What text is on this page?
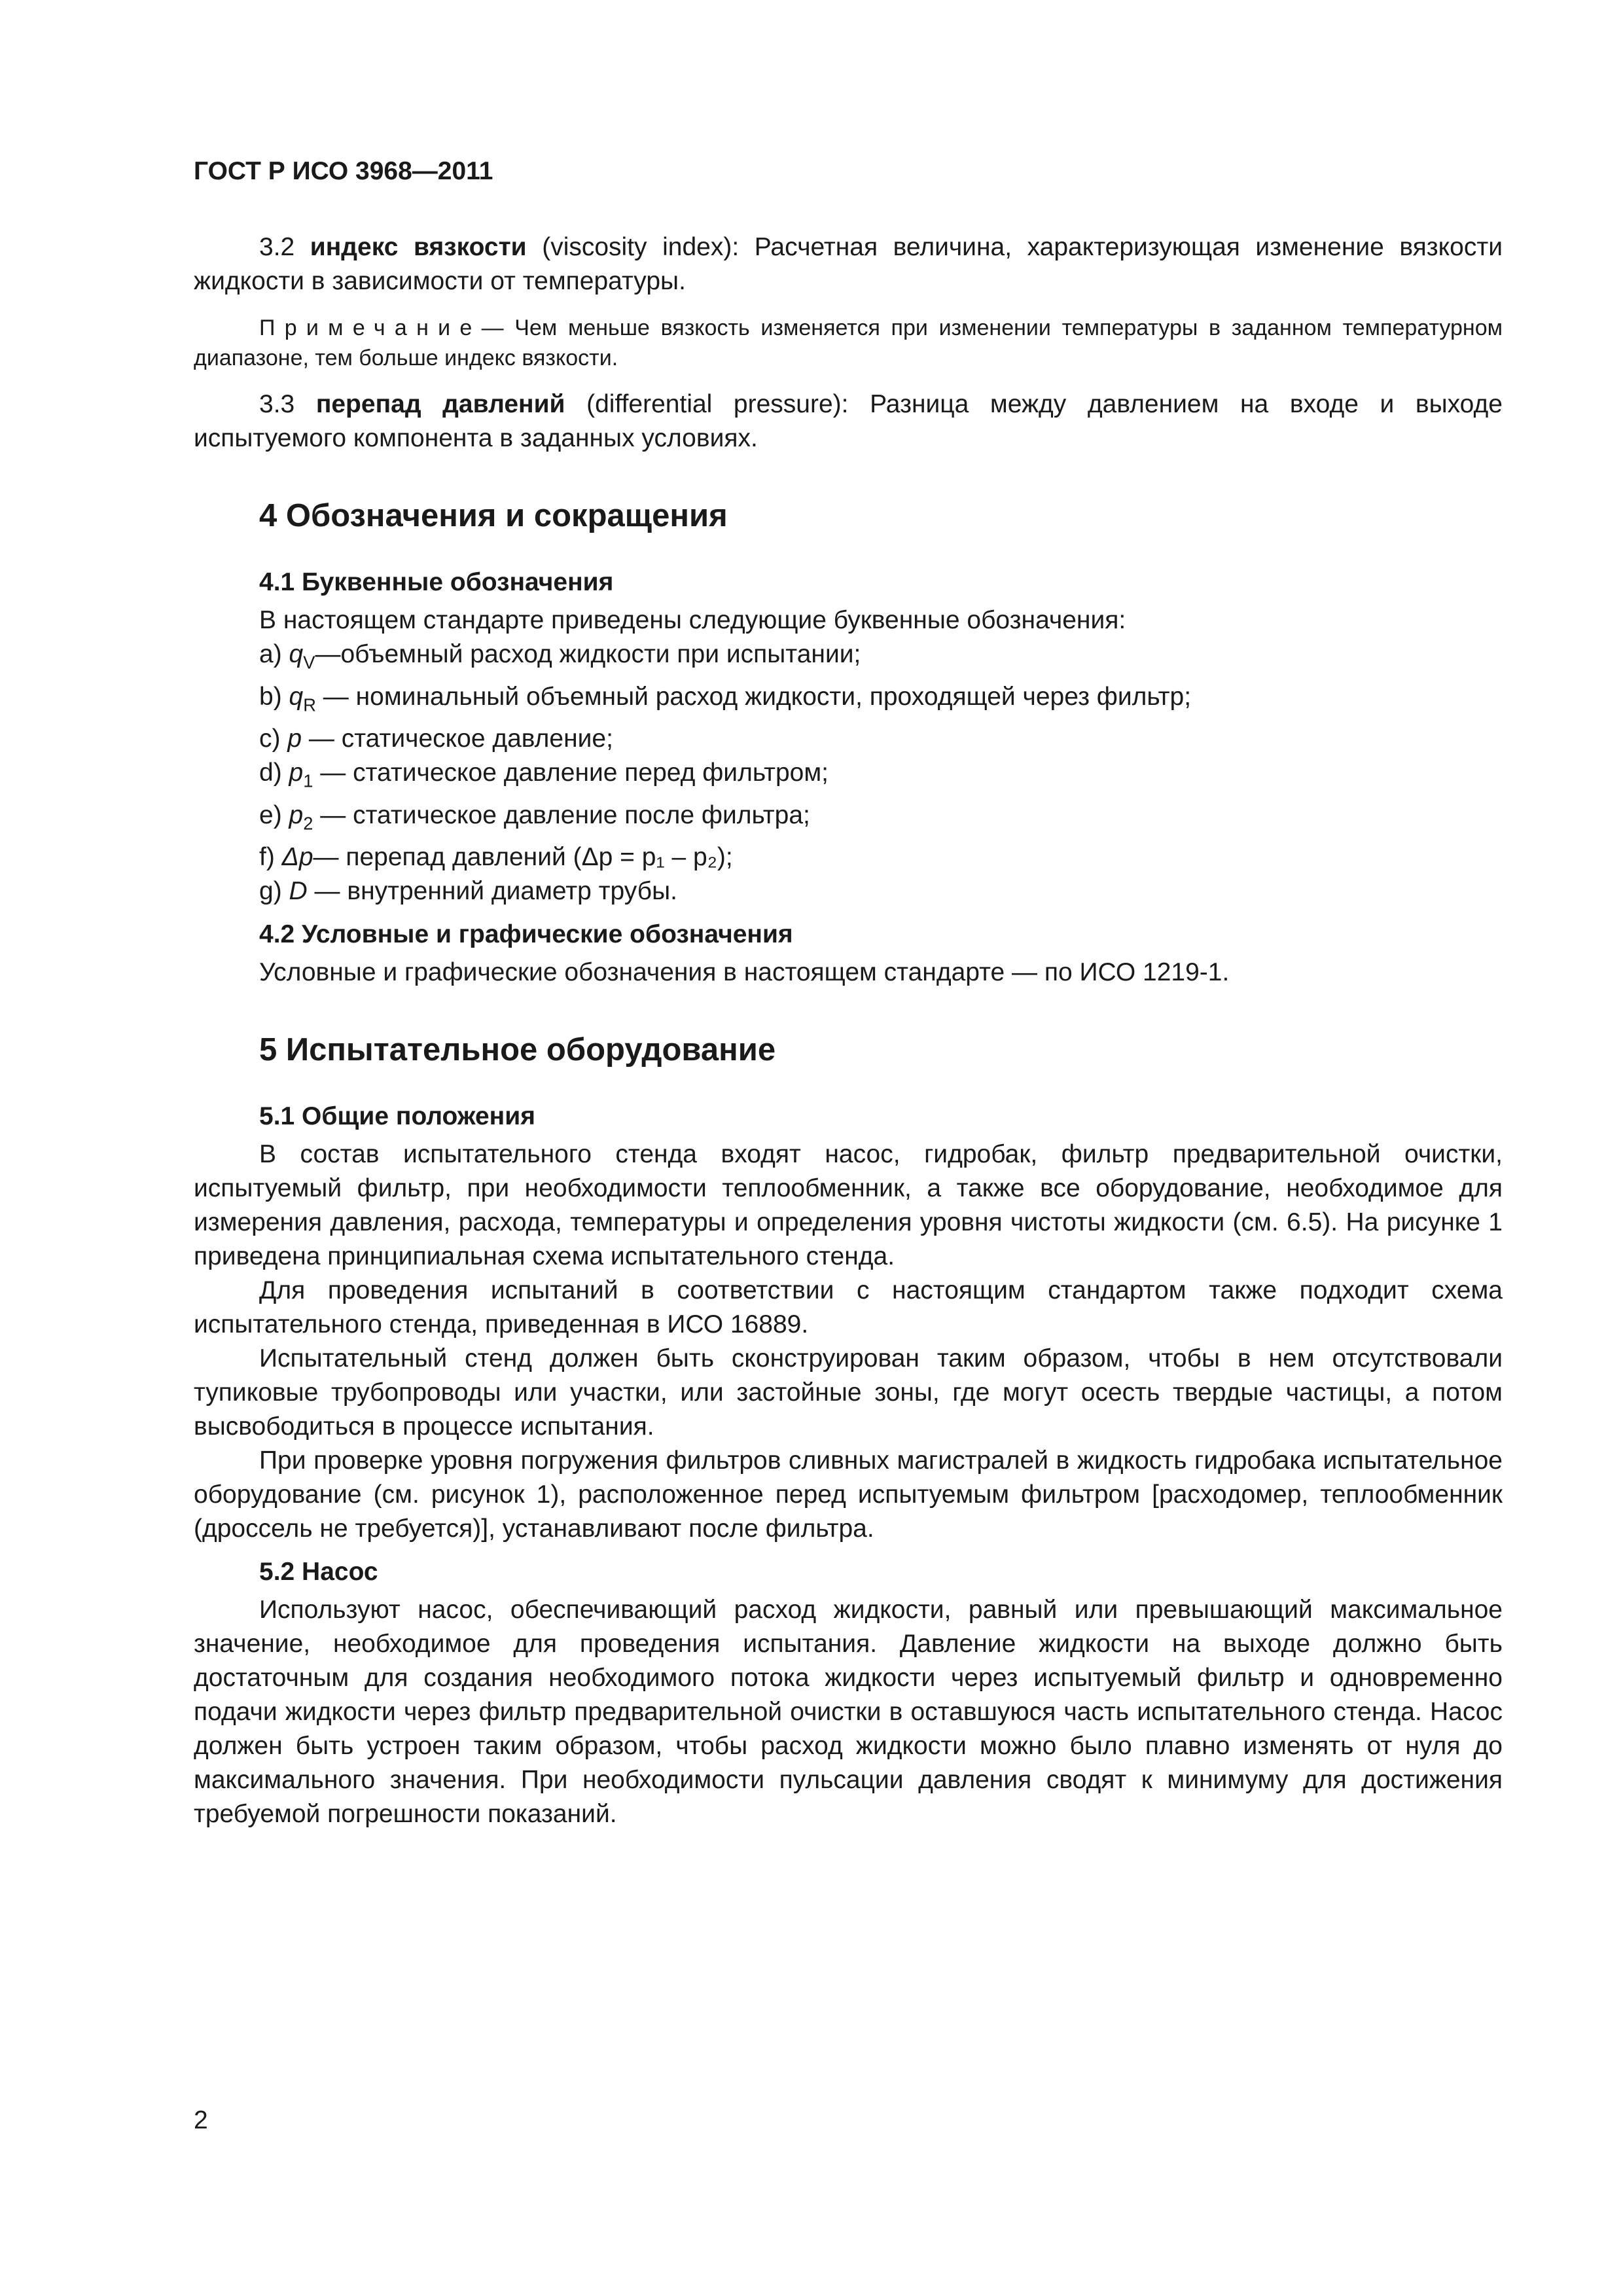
ГОСТ Р ИСО 3968—2011

3.2 индекс вязкости (viscosity index): Расчетная величина, характеризующая изменение вязкости жидкости в зависимости от температуры.

Примечание— Чем меньше вязкость изменяется при изменении температуры в заданном температурном диапазоне, тем больше индекс вязкости.

3.3 перепад давлений (differential pressure): Разница между давлением на входе и выходе испытуемого компонента в заданных условиях.

4 Обозначения и сокращения
4.1 Буквенные обозначения

В настоящем стандарте приведены следующие буквенные обозначения:

a) $q_V—объемный$ расход жидкости при испытании;
b) $q_R$ — номинальный объемный расход жидкости, проходящей через фильтр;
c) p — статическое давление;
d) $p_1$ — статическое давление перед фильтром;
e) $p_2$ — статическое давление после фильтра;
f) Δp— перепад давлений (Δp = p₁ – p₂);
g) D — внутренний диаметр трубы.
4.2 Условные и графические обозначения

Условные и графические обозначения в настоящем стандарте — по ИСО 1219-1.

5 Испытательное оборудование
5.1 Общие положения

В состав испытательного стенда входят насос, гидробак, фильтр предварительной очистки, испытуемый фильтр, при необходимости теплообменник, а также все оборудование, необходимое для измерения давления, расхода, температуры и определения уровня чистоты жидкости (см. 6.5). На рисунке 1 приведена принципиальная схема испытательного стенда.

Для проведения испытаний в соответствии с настоящим стандартом также подходит схема испытательного стенда, приведенная в ИСО 16889.

Испытательный стенд должен быть сконструирован таким образом, чтобы в нем отсутствовали тупиковые трубопроводы или участки, или застойные зоны, где могут осесть твердые частицы, а потом высвободиться в процессе испытания.

При проверке уровня погружения фильтров сливных магистралей в жидкость гидробака испытательное оборудование (см. рисунок 1), расположенное перед испытуемым фильтром [расходомер, теплообменник (дроссель не требуется)], устанавливают после фильтра.

5.2 Насос

Используют насос, обеспечивающий расход жидкости, равный или превышающий максимальное значение, необходимое для проведения испытания. Давление жидкости на выходе должно быть достаточным для создания необходимого потока жидкости через испытуемый фильтр и одновременно подачи жидкости через фильтр предварительной очистки в оставшуюся часть испытательного стенда. Насос должен быть устроен таким образом, чтобы расход жидкости можно было плавно изменять от нуля до максимального значения. При необходимости пульсации давления сводят к минимуму для достижения требуемой погрешности показаний.

2
